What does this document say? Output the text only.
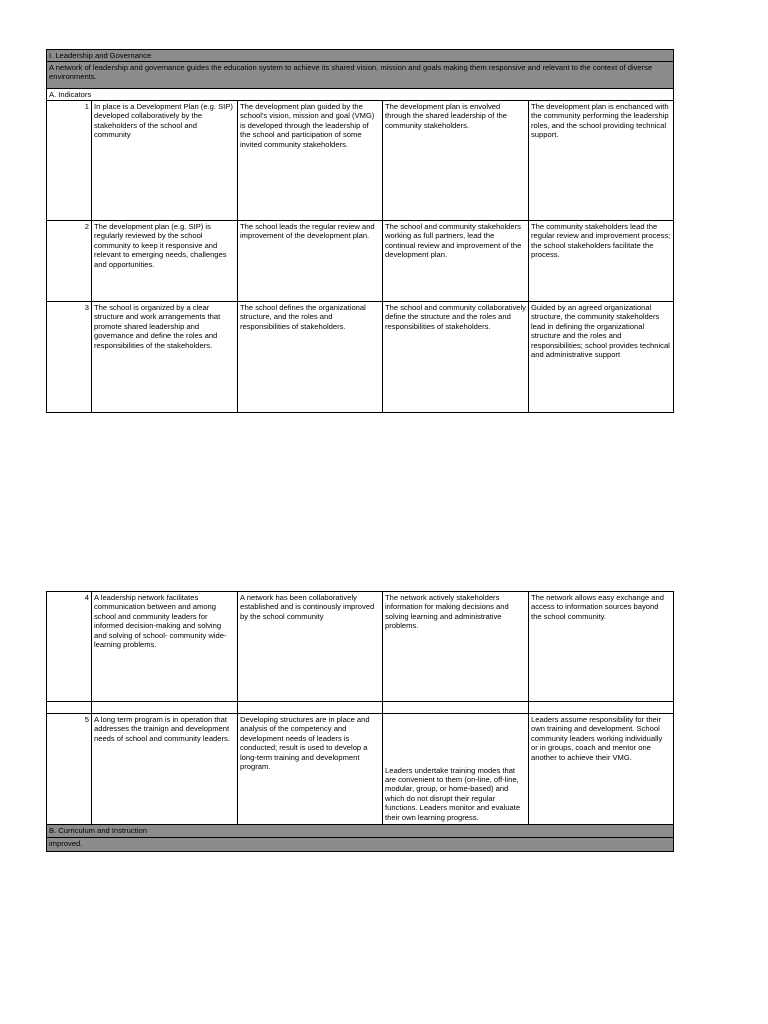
I. Leadership and Governance				
A network of leadership and governance guides the education system to achieve its shared vision, mission and goals making them responsive and relevant to the context of diverse environments.				
A. Indicators				
1	In place is a Development Plan (e.g. SIP) developed collaboratively by the stakeholders of the school and community	The development plan guided by the school's vision, mission and goal (VMG) is developed through the leadership of the school and participation of some invited community stakeholders.	The development plan is envolved through the shared leadership of the community stakeholders.	The development plan is enchanced with the community performing the leadership roles, and the school providing technical support.
2	The development plan (e.g. SIP) is regularly reviewed by the school community to keep it responsive and relevant to emerging needs, challenges and opportunities.	The school leads the regular review and improvement of the development plan.	The school and community stakeholders working as full partners, lead the continual review and improvement of the development plan.	The community stakeholders lead the regular review and improvement process; the school stakeholders facilitate the process.
3	The school is organized by a clear structure and work arrangements that promote shared leadership and governance and define the roles and responsibilities of the stakeholders.	The school defines the organizational structure, and the roles and responsibilities of stakeholders.	The school and community collaboratively define the structure and the roles and responsibilities of stakeholders.	Guided by an agreed organizational structure, the community stakeholders lead in defining the organizational structure and the roles and responsibilities; school provides technical and administrative support
4	A leadership network facilitates communication between and among school and community leaders for informed decision-making and solving and solving of school- community wide- learning problems.	A network has been collaboratively established and is continously improved by the school community	The network actively stakeholders information for making decisions and solving learning and administrative problems.	The network allows easy exchange and access to information sources bayond the school community.

5	A long term program is in operation that addresses the trainign and development needs of school and community leaders.	Developing structures are in place and analysis of the competency and development needs of leaders is conducted; result is used to develop a long-term training and development program.	Leaders undertake training modes that are convenient to them (on-line, off-line, modular, group, or home-based) and which do not disrupt their regular functions. Leaders monitor and evaluate their own learning progress.	Leaders assume responsibility for their own training and development. School community leaders working individually or in groups, coach and mentor one another to achieve their VMG.
B. Curriculum and Instruction				
improved.				
